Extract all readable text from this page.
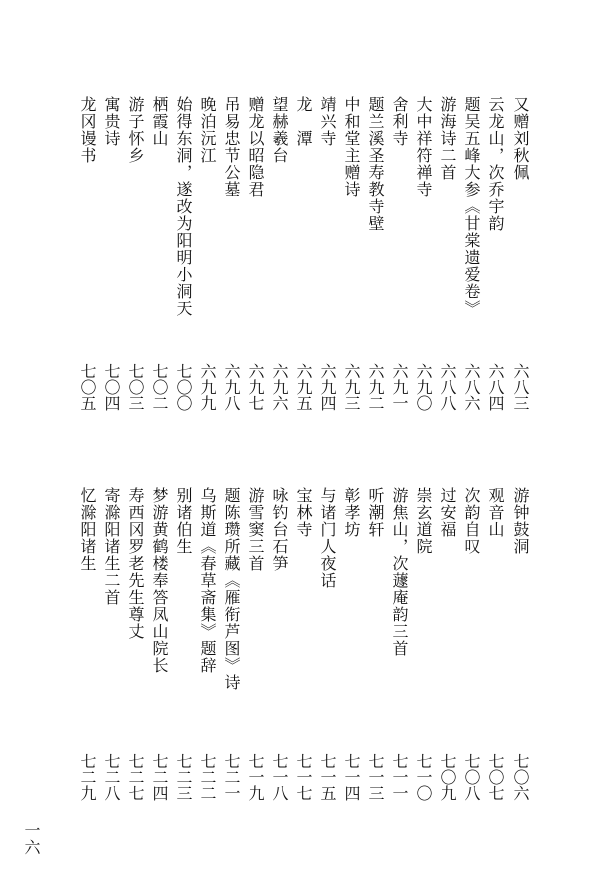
又赠刘秋佩
六八三
云龙山，次乔宇韵
六八四
题吴五峰大参《甘棠遗爱卷》
六八六
游海诗二首
六八八
大中祥符禅寺
六九〇
舍利寺
六九一
题兰溪圣寿教寺壁
六九二
中和堂主赠诗
六九三
靖兴寺
六九四
龙　潭
六九五
望赫羲台
六九六
赠龙以昭隐君
六九七
吊易忠节公墓
六九八
晚泊沅江
六九九
始得东洞，遂改为阳明小洞天
七〇〇
栖霞山
七〇二
游子怀乡
七〇三
寓贵诗
七〇四
龙冈谩书
七〇五
游钟鼓洞
七〇六
观音山
七〇七
次韵自叹
七〇八
过安福
七〇九
崇玄道院
七一〇
游焦山，次蘧庵韵三首
七一一
听潮轩
七一三
彰孝坊
七一四
与诸门人夜话
七一五
宝林寺
七一七
咏钓台石笋
七一八
游雪窦三首
七一九
题陈瓒所藏《雁衔芦图》诗
七二一
乌斯道《春草斋集》题辞
七二二
别诸伯生
七二三
梦游黄鹤楼奉答凤山院长
七二四
寿西冈罗老先生尊丈
七二七
寄滁阳诸生二首
七二八
忆滁阳诸生
七二九
一六
